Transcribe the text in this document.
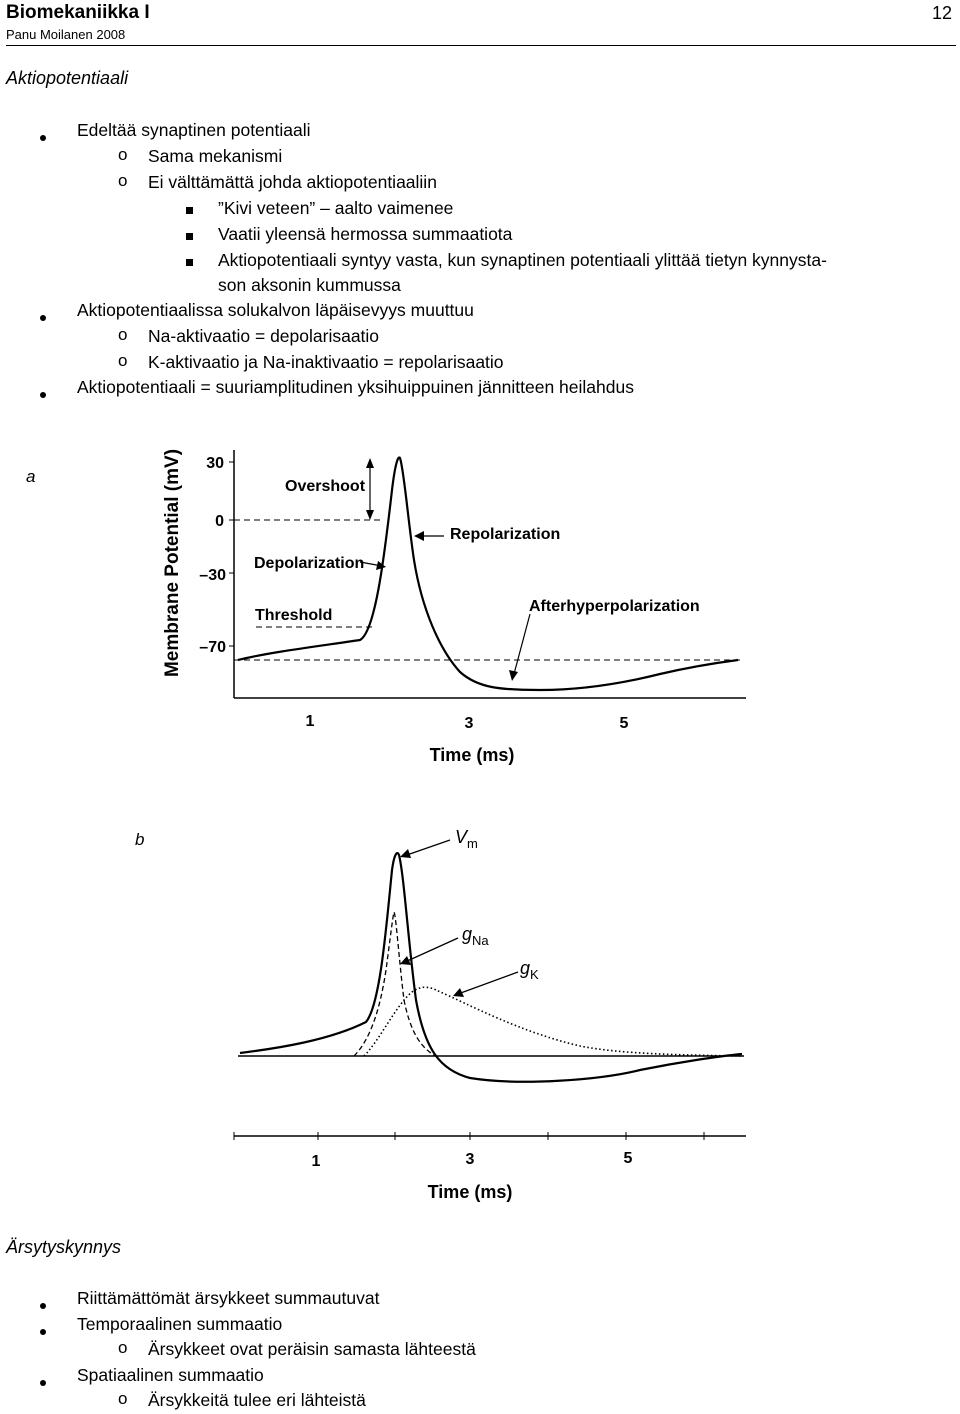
Biomekaniikka I
Panu Moilanen 2008
12
Aktiopotentiaali
Edeltää synaptinen potentiaali
o Sama mekanismi
o Ei välttämättä johda aktiopotentiaaliin
”Kivi veteen” – aalto vaimenee
Vaatii yleensä hermossa summaatiota
Aktiopotentiaali syntyy vasta, kun synaptinen potentiaali ylittää tietyn kynnysta-
son aksonin kummussa
Aktiopotentiaalissa solukalvon läpäisevyys muuttuu
o Na-aktivaatio = depolarisaatio
o K-aktivaatio ja Na-inaktivaatio = repolarisaatio
Aktiopotentiaali = suuriamplitudinen yksihuippuinen jännitteen heilahdus
a	Membrane Potential (mV) 30
0
–30
–70
Overshoot
Depolarization
Threshold
Repolarization
Afterhyperpolarization
1	3	5
Time (ms)
b	$V_m$
$g_{Na}$
$g_K$
1	3	5
Time (ms)
Ärsytyskynnys
Riittämättömät ärsykkeet summautuvat
Temporaalinen summaatio
o Ärsykkeet ovat peräisin samasta lähteestä
Spatiaalinen summaatio
o Ärsykkeitä tulee eri lähteistä
